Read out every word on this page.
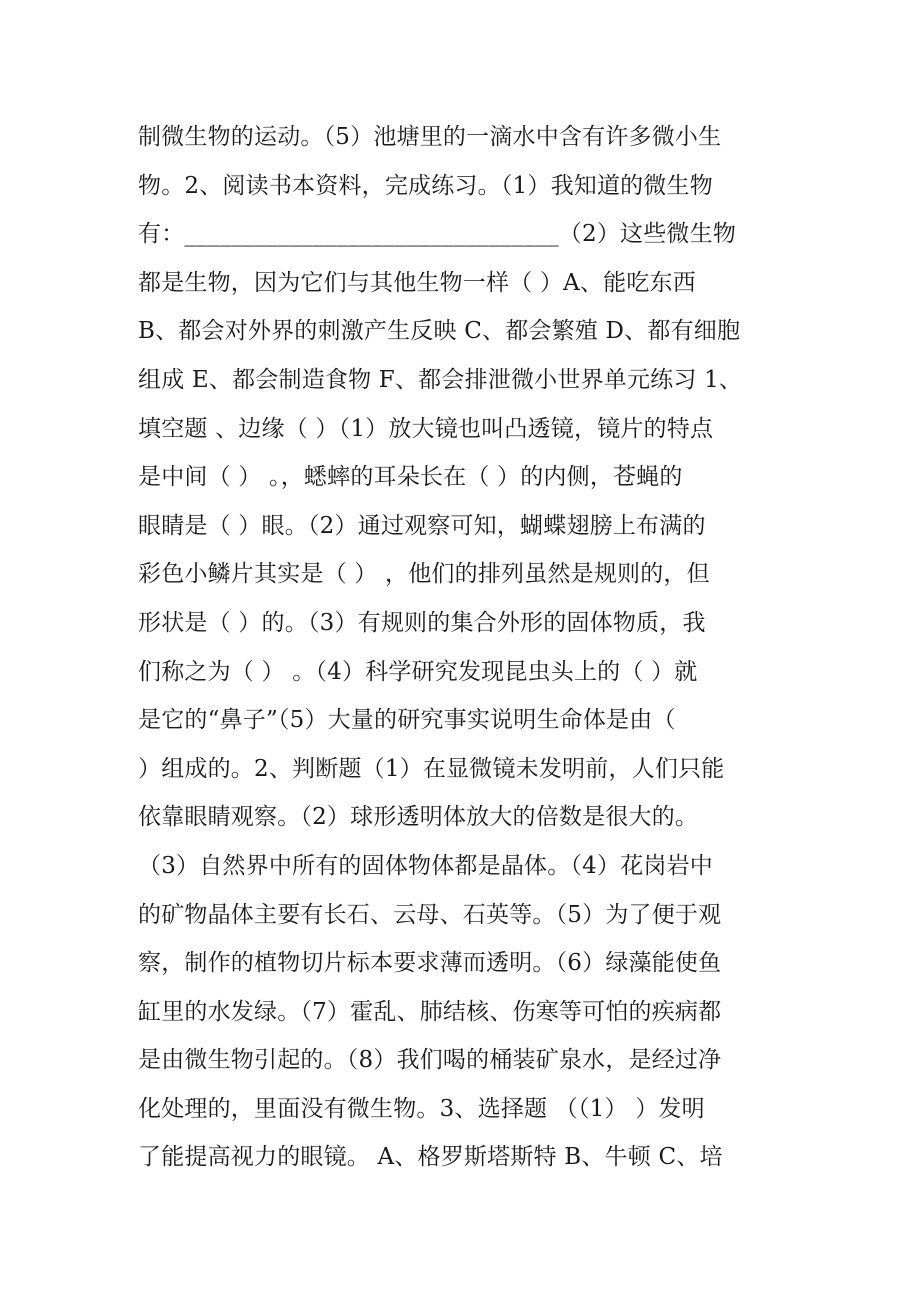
制微生物的运动。（5）池塘里的一滴水中含有许多微小生
物。2、阅读书本资料，完成练习。（1）我知道的微生物
有：________________________________（2）这些微生物
都是生物，因为它们与其他生物一样（ ）A、能吃东西
B、都会对外界的刺激产生反映 C、都会繁殖 D、都有细胞
组成 E、都会制造食物 F、都会排泄微小世界单元练习 1、
填空题 、边缘（ ）（1）放大镜也叫凸透镜，镜片的特点
是中间（ ） 。，蟋蟀的耳朵长在（ ）的内侧，苍蝇的
眼睛是（ ）眼。（2）通过观察可知，蝴蝶翅膀上布满的
彩色小鳞片其实是（ ） ，他们的排列虽然是规则的，但
形状是（ ）的。（3）有规则的集合外形的固体物质，我
们称之为（ ） 。（4）科学研究发现昆虫头上的（ ）就
是它的“鼻子”（5）大量的研究事实说明生命体是由（
）组成的。2、判断题（1）在显微镜未发明前，人们只能
依靠眼睛观察。（2）球形透明体放大的倍数是很大的。
（3）自然界中所有的固体物体都是晶体。（4）花岗岩中
的矿物晶体主要有长石、云母、石英等。（5）为了便于观
察，制作的植物切片标本要求薄而透明。（6）绿藻能使鱼
缸里的水发绿。（7）霍乱、肺结核、伤寒等可怕的疾病都
是由微生物引起的。（8）我们喝的桶装矿泉水，是经过净
化处理的，里面没有微生物。3、选择题 （（1） ）发明
了能提高视力的眼镜。 A、格罗斯塔斯特 B、牛顿 C、培
